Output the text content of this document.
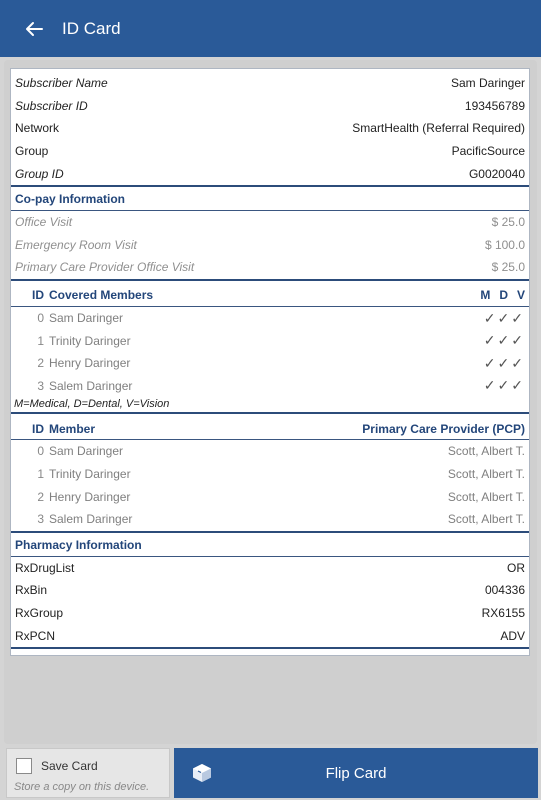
ID Card
Subscriber Name	Sam Daringer
Subscriber ID	193456789
Network	SmartHealth (Referral Required)
Group	PacificSource
Group ID	G0020040
Co-pay Information
Office Visit	$ 25.0
Emergency Room Visit	$ 100.0
Primary Care Provider Office Visit	$ 25.0
ID Covered Members	M D V
0 Sam Daringer	✓✓✓
1 Trinity Daringer	✓✓✓
2 Henry Daringer	✓✓✓
3 Salem Daringer	✓✓✓
M=Medical, D=Dental, V=Vision
ID Member	Primary Care Provider (PCP)
0 Sam Daringer	Scott, Albert T.
1 Trinity Daringer	Scott, Albert T.
2 Henry Daringer	Scott, Albert T.
3 Salem Daringer	Scott, Albert T.
Pharmacy Information
RxDrugList	OR
RxBin	004336
RxGroup	RX6155
RxPCN	ADV
Save Card
Store a copy on this device.
Flip Card
